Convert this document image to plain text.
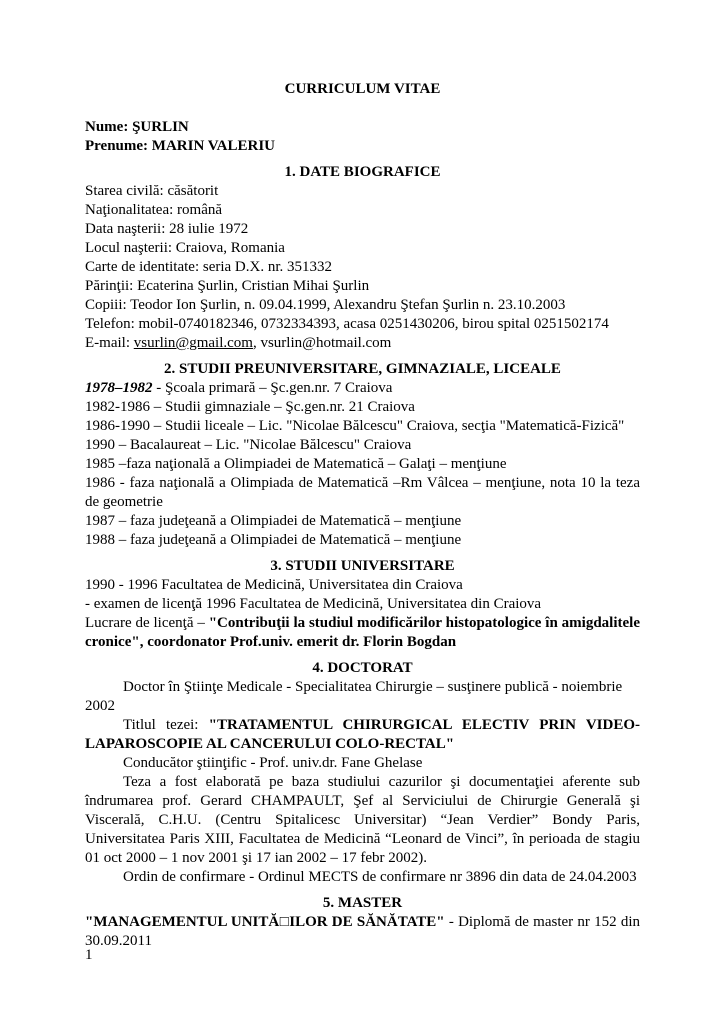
CURRICULUM VITAE
Nume: ŞURLIN
Prenume: MARIN VALERIU
1. DATE BIOGRAFICE
Starea civilă: căsătorit
Naţionalitatea: română
Data naşterii: 28 iulie 1972
Locul naşterii: Craiova, Romania
Carte de identitate: seria D.X. nr. 351332
Părinţii: Ecaterina Şurlin, Cristian Mihai Şurlin
Copiii: Teodor Ion Şurlin, n. 09.04.1999, Alexandru Ştefan Şurlin n. 23.10.2003
Telefon: mobil-0740182346, 0732334393, acasa 0251430206, birou spital 0251502174
E-mail: vsurlin@gmail.com, vsurlin@hotmail.com
2. STUDII PREUNIVERSITARE, GIMNAZIALE, LICEALE
1978–1982 - Şcoala primară – Şc.gen.nr. 7 Craiova
1982-1986 – Studii gimnaziale – Şc.gen.nr. 21 Craiova
1986-1990 – Studii liceale – Lic. "Nicolae Bălcescu" Craiova, secţia "Matematică-Fizică"
1990 – Bacalaureat – Lic. "Nicolae Bălcescu" Craiova
1985 –faza naţională a Olimpiadei de Matematică – Galaţi – menţiune
1986 - faza naţională a Olimpiada de Matematică –Rm Vâlcea – menţiune, nota 10 la teza de geometrie
1987 – faza judeţeană a Olimpiadei de Matematică – menţiune
1988 – faza judeţeană a Olimpiadei de Matematică – menţiune
3. STUDII UNIVERSITARE
1990 - 1996 Facultatea de Medicină, Universitatea din Craiova
- examen de licenţă 1996 Facultatea de Medicină, Universitatea din Craiova
Lucrare de licenţă – "Contribuţii la studiul modificărilor histopatologice în amigdalitele cronice", coordonator Prof.univ. emerit dr. Florin Bogdan
4. DOCTORAT
Doctor în Ştiinţe Medicale - Specialitatea Chirurgie – susţinere publică - noiembrie 2002
Titlul tezei: "TRATAMENTUL CHIRURGICAL ELECTIV PRIN VIDEO-LAPAROSCOPIE AL CANCERULUI COLO-RECTAL"
Conducător ştiinţific - Prof. univ.dr. Fane Ghelase
Teza a fost elaborată pe baza studiului cazurilor şi documentaţiei aferente sub îndrumarea prof. Gerard CHAMPAULT, Şef al Serviciului de Chirurgie Generală şi Viscerală, C.H.U. (Centru Spitalicesc Universitar) “Jean Verdier” Bondy Paris, Universitatea Paris XIII, Facultatea de Medicină “Leonard de Vinci”, în perioada de stagiu 01 oct 2000 – 1 nov 2001 şi 17 ian 2002 – 17 febr 2002).
Ordin de confirmare - Ordinul MECTS de confirmare nr 3896 din data de 24.04.2003
5. MASTER
"MANAGEMENTUL UNITĂ□ILOR DE SĂNĂTATE" - Diplomă de master nr 152 din 30.09.2011
1
